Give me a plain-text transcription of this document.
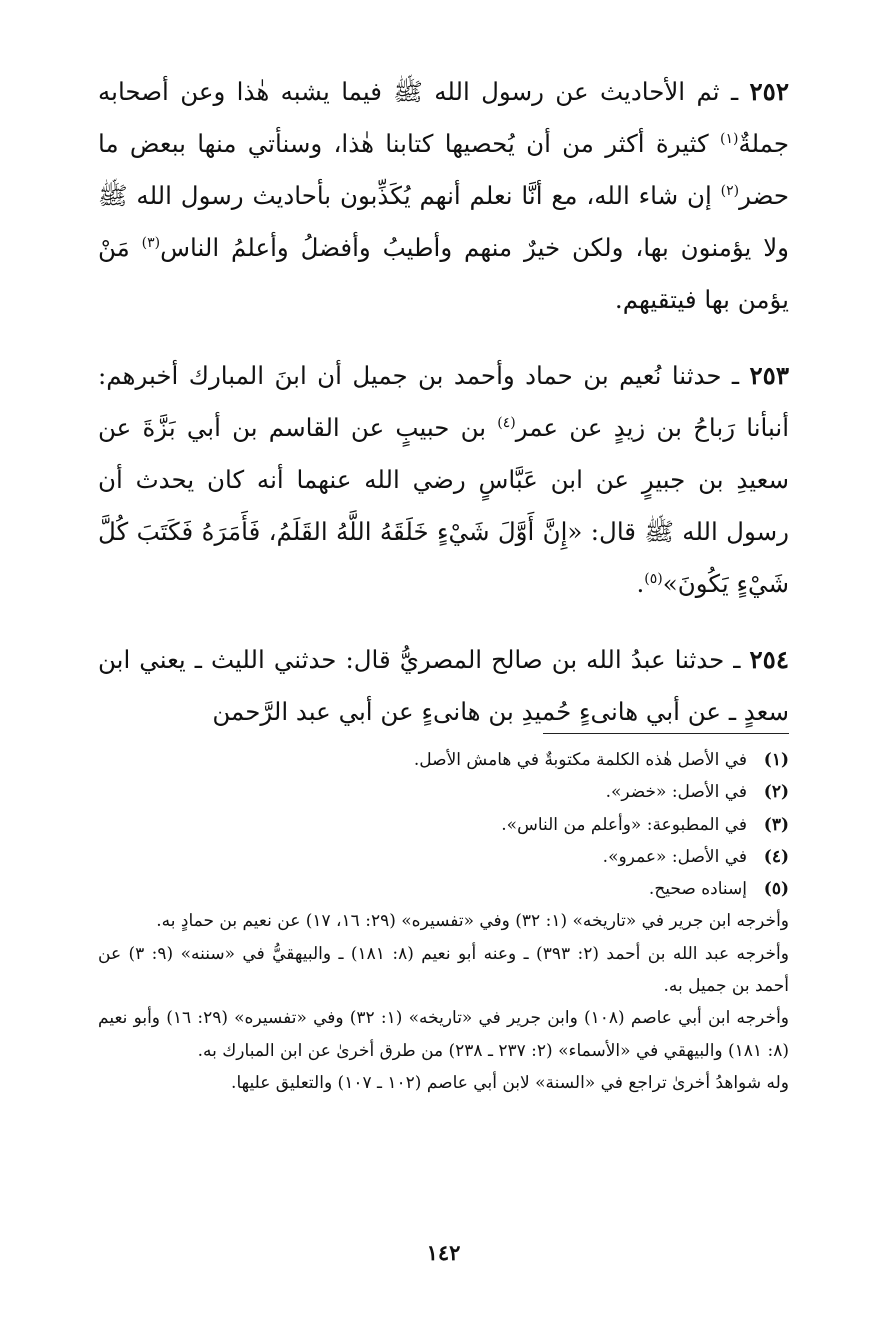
٢٥٢ ـ ثم الأحاديث عن رسول الله ﷺ فيما يشبه هٰذا وعن أصحابه جملةٌ$^{(١)}$ كثيرة أكثر من أن يُحصيها كتابنا هٰذا، وسنأتي منها ببعض ما حضر$^{(٢)}$ إن شاء الله، مع أنَّا نعلم أنهم يُكَذِّبون بأحاديث رسول الله ﷺ ولا يؤمنون بها، ولكن خيرٌ منهم وأطيبُ وأفضلُ وأعلمُ الناس$^{(٣)}$ مَنْ يؤمن بها فيتقيهم.

٢٥٣ ـ حدثنا نُعيم بن حماد وأحمد بن جميل أن ابنَ المبارك أخبرهم: أنبأنا رَباحُ بن زيدٍ عن عمر$^{(٤)}$ بن حبيبٍ عن القاسم بن أبي بَزَّةَ عن سعيدِ بن جبيرٍ عن ابن عَبَّاسٍ رضي الله عنهما أنه كان يحدث أن رسول الله ﷺ قال: «إِنَّ أَوَّلَ شَيْءٍ خَلَقَهُ اللَّهُ القَلَمُ، فَأَمَرَهُ فَكَتَبَ كُلَّ شَيْءٍ يَكُونَ»$^{(٥)}$.

٢٥٤ ـ حدثنا عبدُ الله بن صالح المصريُّ قال: حدثني الليث ـ يعني ابن سعدٍ ـ عن أبي هانىءٍ حُميدِ بن هانىءٍ عن أبي عبد الرَّحمن

(١)
في الأصل هٰذه الكلمة مكتوبةٌ في هامش الأصل.
(٢)
في الأصل: «خضر».
(٣)
في المطبوعة: «وأعلم من الناس».
(٤)
في الأصل: «عمرو».
(٥)
إسناده صحيح.
وأخرجه ابن جرير في «تاريخه» (١: ٣٢) وفي «تفسيره» (٢٩: ١٦، ١٧) عن نعيم بن حمادٍ به.
وأخرجه عبد الله بن أحمد (٢: ٣٩٣) ـ وعنه أبو نعيم (٨: ١٨١) ـ والبيهقيُّ في «سننه» (٩: ٣) عن أحمد بن جميل به.
وأخرجه ابن أبي عاصم (١٠٨) وابن جرير في «تاريخه» (١: ٣٢) وفي «تفسيره» (٢٩: ١٦) وأبو نعيم (٨: ١٨١) والبيهقي في «الأسماء» (٢: ٢٣٧ ـ ٢٣٨) من طرق أخرىٰ عن ابن المبارك به.
وله شواهدُ أخرىٰ تراجع في «السنة» لابن أبي عاصم (١٠٢ ـ ١٠٧) والتعليق عليها.
١٤٢
